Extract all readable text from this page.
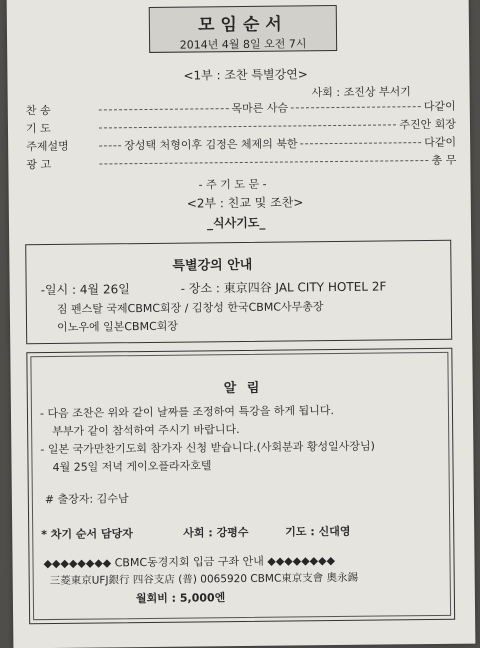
모임순서
2014년 4월 8일 오전 7시
<1부 : 조찬 특별강연>
사회 : 조진상 부서기
찬 송	목마른 사슴	다같이
기 도	주진안 회장
주제설명	장성택 처형이후 김정은 체제의 북한	다같이
광 고	총 무
- 주 기 도 문 -
<2부 : 친교 및 조찬>
_식사기도_
특별강의 안내
-일시 : 4월 26일	- 장소 : 東京四谷 JAL CITY HOTEL 2F
짐 펜스탈 국제CBMC회장 / 김창성 한국CBMC사무총장
이노우에 일본CBMC회장
알 림
- 다음 조찬은 위와 같이 날짜를 조정하여 특강을 하게 됩니다.
부부가 같이 참석하여 주시기 바랍니다.
- 일본 국가만찬기도회 참가자 신청 받습니다.(사회분과 황성일사장님)
4월 25일 저녁 게이오플라자호텔
# 출장자: 김수남
* 차기 순서 담당자	사회 : 강평수	기도 : 신대영
◆◆◆◆◆◆◆◆ CBMC동경지회 입금 구좌 안내 ◆◆◆◆◆◆◆◆
三菱東京UFJ銀行 四谷支店 (普) 0065920 CBMC東京支會 奧永錫
월회비 : 5,000엔
